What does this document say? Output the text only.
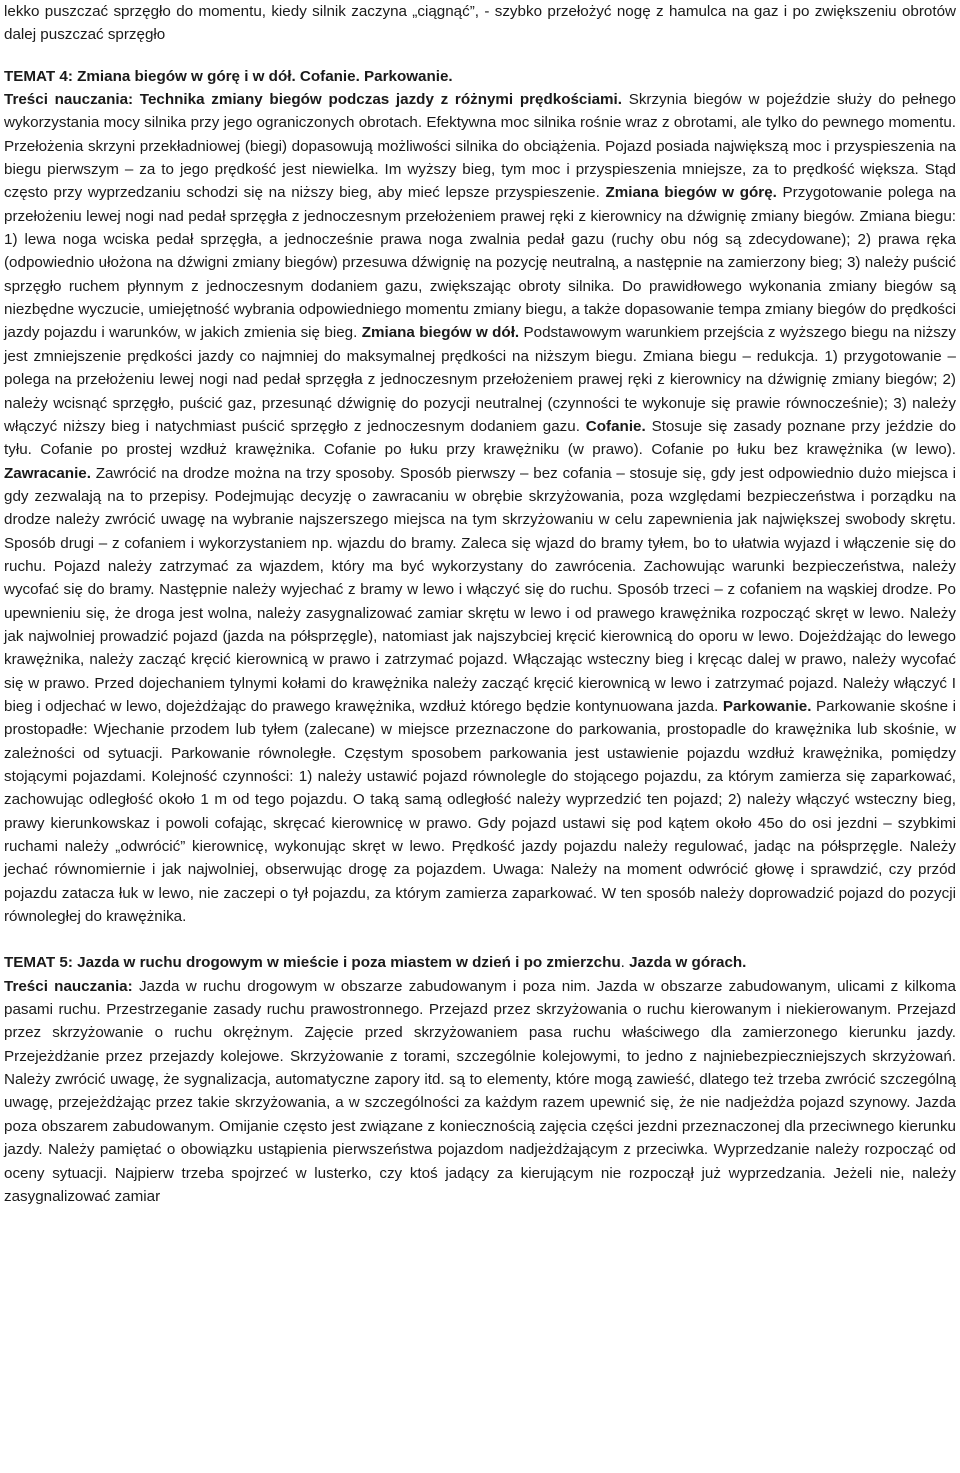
lekko puszczać sprzęgło do momentu, kiedy silnik zaczyna „ciągnąć”, - szybko przełożyć nogę z hamulca na gaz i po zwiększeniu obrotów dalej puszczać sprzęgło

TEMAT 4: Zmiana biegów w górę i w dół. Cofanie. Parkowanie.

Treści nauczania: Technika zmiany biegów podczas jazdy z różnymi prędkościami. Skrzynia biegów w pojeździe służy do pełnego wykorzystania mocy silnika przy jego ograniczonych obrotach. Efektywna moc silnika rośnie wraz z obrotami, ale tylko do pewnego momentu. Przełożenia skrzyni przekładniowej (biegi) dopasowują możliwości silnika do obciążenia. Pojazd posiada największą moc i przyspieszenia na biegu pierwszym – za to jego prędkość jest niewielka. Im wyższy bieg, tym moc i przyspieszenia mniejsze, za to prędkość większa. Stąd często przy wyprzedzaniu schodzi się na niższy bieg, aby mieć lepsze przyspieszenie. Zmiana biegów w górę. Przygotowanie polega na przełożeniu lewej nogi nad pedał sprzęgła z jednoczesnym przełożeniem prawej ręki z kierownicy na dźwignię zmiany biegów. Zmiana biegu: 1) lewa noga wciska pedał sprzęgła, a jednocześnie prawa noga zwalnia pedał gazu (ruchy obu nóg są zdecydowane); 2) prawa ręka (odpowiednio ułożona na dźwigni zmiany biegów) przesuwa dźwignię na pozycję neutralną, a następnie na zamierzony bieg; 3) należy puścić sprzęgło ruchem płynnym z jednoczesnym dodaniem gazu, zwiększając obroty silnika. Do prawidłowego wykonania zmiany biegów są niezbędne wyczucie, umiejętność wybrania odpowiedniego momentu zmiany biegu, a także dopasowanie tempa zmiany biegów do prędkości jazdy pojazdu i warunków, w jakich zmienia się bieg. Zmiana biegów w dół. Podstawowym warunkiem przejścia z wyższego biegu na niższy jest zmniejszenie prędkości jazdy co najmniej do maksymalnej prędkości na niższym biegu. Zmiana biegu – redukcja. 1) przygotowanie – polega na przełożeniu lewej nogi nad pedał sprzęgła z jednoczesnym przełożeniem prawej ręki z kierownicy na dźwignię zmiany biegów; 2) należy wcisnąć sprzęgło, puścić gaz, przesunąć dźwignię do pozycji neutralnej (czynności te wykonuje się prawie równocześnie); 3) należy włączyć niższy bieg i natychmiast puścić sprzęgło z jednoczesnym dodaniem gazu. Cofanie. Stosuje się zasady poznane przy jeździe do tyłu. Cofanie po prostej wzdłuż krawężnika. Cofanie po łuku przy krawężniku (w prawo). Cofanie po łuku bez krawężnika (w lewo). Zawracanie. Zawrócić na drodze można na trzy sposoby. Sposób pierwszy – bez cofania – stosuje się, gdy jest odpowiednio dużo miejsca i gdy zezwalają na to przepisy. Podejmując decyzję o zawracaniu w obrębie skrzyżowania, poza względami bezpieczeństwa i porządku na drodze należy zwrócić uwagę na wybranie najszerszego miejsca na tym skrzyżowaniu w celu zapewnienia jak największej swobody skrętu. Sposób drugi – z cofaniem i wykorzystaniem np. wjazdu do bramy. Zaleca się wjazd do bramy tyłem, bo to ułatwia wyjazd i włączenie się do ruchu. Pojazd należy zatrzymać za wjazdem, który ma być wykorzystany do zawrócenia. Zachowując warunki bezpieczeństwa, należy wycofać się do bramy. Następnie należy wyjechać z bramy w lewo i włączyć się do ruchu. Sposób trzeci – z cofaniem na wąskiej drodze. Po upewnieniu się, że droga jest wolna, należy zasygnalizować zamiar skrętu w lewo i od prawego krawężnika rozpocząć skręt w lewo. Należy jak najwolniej prowadzić pojazd (jazda na półsprzęgle), natomiast jak najszybciej kręcić kierownicą do oporu w lewo. Dojeżdżając do lewego krawężnika, należy zacząć kręcić kierownicą w prawo i zatrzymać pojazd. Włączając wsteczny bieg i kręcąc dalej w prawo, należy wycofać się w prawo. Przed dojechaniem tylnymi kołami do krawężnika należy zacząć kręcić kierownicą w lewo i zatrzymać pojazd. Należy włączyć I bieg i odjechać w lewo, dojeżdżając do prawego krawężnika, wzdłuż którego będzie kontynuowana jazda. Parkowanie. Parkowanie skośne i prostopadłe: Wjechanie przodem lub tyłem (zalecane) w miejsce przeznaczone do parkowania, prostopadle do krawężnika lub skośnie, w zależności od sytuacji. Parkowanie równoległe. Częstym sposobem parkowania jest ustawienie pojazdu wzdłuż krawężnika, pomiędzy stojącymi pojazdami. Kolejność czynności: 1) należy ustawić pojazd równolegle do stojącego pojazdu, za którym zamierza się zaparkować, zachowując odległość około 1 m od tego pojazdu. O taką samą odległość należy wyprzedzić ten pojazd; 2) należy włączyć wsteczny bieg, prawy kierunkowskaz i powoli cofając, skręcać kierownicę w prawo. Gdy pojazd ustawi się pod kątem około 45o do osi jezdni – szybkimi ruchami należy „odwrócić” kierownicę, wykonując skręt w lewo. Prędkość jazdy pojazdu należy regulować, jadąc na półsprzęgle. Należy jechać równomiernie i jak najwolniej, obserwując drogę za pojazdem. Uwaga: Należy na moment odwrócić głowę i sprawdzić, czy przód pojazdu zatacza łuk w lewo, nie zaczepi o tył pojazdu, za którym zamierza zaparkować. W ten sposób należy doprowadzić pojazd do pozycji równoległej do krawężnika.

TEMAT 5: Jazda w ruchu drogowym w mieście i poza miastem w dzień i po zmierzchu. Jazda w górach.

Treści nauczania: Jazda w ruchu drogowym w obszarze zabudowanym i poza nim. Jazda w obszarze zabudowanym, ulicami z kilkoma pasami ruchu. Przestrzeganie zasady ruchu prawostronnego. Przejazd przez skrzyżowania o ruchu kierowanym i niekierowanym. Przejazd przez skrzyżowanie o ruchu okrężnym. Zajęcie przed skrzyżowaniem pasa ruchu właściwego dla zamierzonego kierunku jazdy. Przejeżdżanie przez przejazdy kolejowe. Skrzyżowanie z torami, szczególnie kolejowymi, to jedno z najniebezpieczniejszych skrzyżowań. Należy zwrócić uwagę, że sygnalizacja, automatyczne zapory itd. są to elementy, które mogą zawieść, dlatego też trzeba zwrócić szczególną uwagę, przejeżdżając przez takie skrzyżowania, a w szczególności za każdym razem upewnić się, że nie nadjeżdża pojazd szynowy. Jazda poza obszarem zabudowanym. Omijanie często jest związane z koniecznością zajęcia części jezdni przeznaczonej dla przeciwnego kierunku jazdy. Należy pamiętać o obowiązku ustąpienia pierwszeństwa pojazdom nadjeżdżającym z przeciwka. Wyprzedzanie należy rozpocząć od oceny sytuacji. Najpierw trzeba spojrzeć w lusterko, czy ktoś jadący za kierującym nie rozpoczął już wyprzedzania. Jeżeli nie, należy zasygnalizować zamiar
